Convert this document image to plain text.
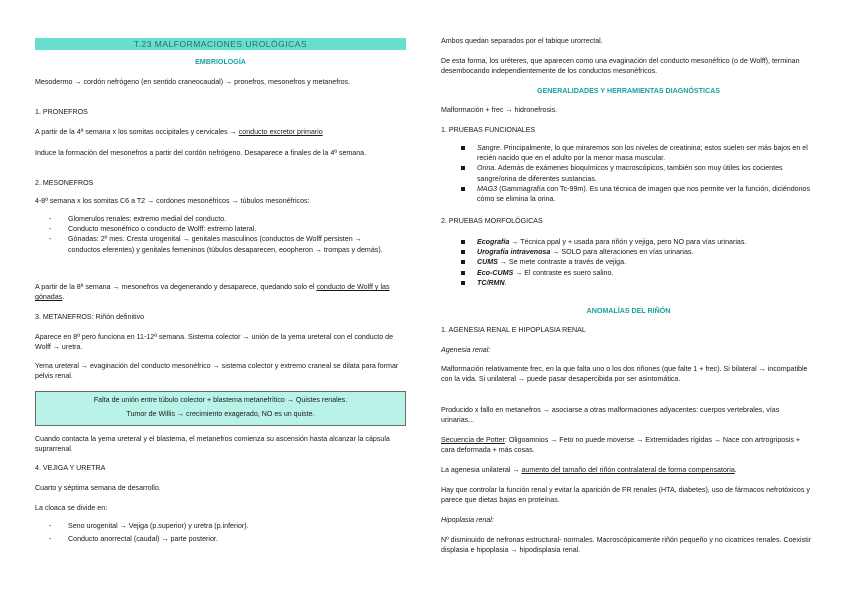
T.23 MALFORMACIONES UROLÓGICAS
EMBRIOLOGÍA
Mesodermo → cordón nefrógeno (en sentido craneocaudal) → pronefros, mesonefros y metanefros.
1. PRONEFROS
A partir de la 4ª semana x los somitas occipitales y cervicales → conducto excretor primario
Induce la formación del mesonefros a partir del cordón nefrógeno. Desaparece a finales de la 4ª semana.
2. MESONEFROS
4-8ª semana x los somitas C6 a T2 → cordones mesonéfricos → túbulos mesonéfricos:
- Glomerulos renales: extremo medial del conducto.
- Conducto mesonéfrico o conducto de Wolff: extremo lateral.
- Gónadas: 2º mes. Cresta urogenital → genitales masculinos (conductos de Wolff persisten → conductos eferentes) y genitales femeninos (túbulos desaparecen, eoopheron → trompas y demás).
A partir de la 8ª semana → mesonefros va degenerando y desaparece, quedando solo el conducto de Wolff y las gónadas.
3. METANEFROS: Riñón definitivo
Aparece en 8ª pero funciona en 11-12ª semana. Sistema colector → unión de la yema ureteral con el conducto de Wolff → uretra.
Yema ureteral → evaginación del conducto mesonéfrico → sistema colector y extremo craneal se dilata para formar pelvis renal.
Falta de unión entre túbulo colector + blastema metanefrítico → Quistes renales.
Tumor de Willis → crecimiento exagerado, NO es un quiste.
Cuando contacta la yema ureteral y el blastema, el metanefros comienza su ascensión hasta alcanzar la cápsula suprarrenal.
4. VEJIGA Y URETRA
Cuarto y séptima semana de desarrollo.
La cloaca se divide en:
- Seno urogenital → Vejiga (p.superior) y uretra (p.inferior).
- Conducto anorrectal (caudal) → parte posterior.
Ambos quedan separados por el tabique urorrectal.
De esta forma, los uréteres, que aparecen como una evaginación del conducto mesonéfrico (o de Wolff), terminan desembocando independientemente de los conductos mesonéfricos.
GENERALIDADES Y HERRAMIENTAS DIAGNÓSTICAS
Malformación + frec → hidronefrosis.
1. PRUEBAS FUNCIONALES
Sangre. Principalmente, lo que miraremos son los niveles de creatinina; estos suelen ser más bajos en el recién nacido que en el adulto por la menor masa muscular.
Orina. Además de exámenes bioquímicos y macroscópicos, también son muy útiles los cocientes sangre/orina de diferentes sustancias.
MAG3 (Gammagrafía con Tc-99m). Es una técnica de imagen que nos permite ver la función, diciéndonos cómo se elimina la orina.
2. PRUEBAS MORFOLÓGICAS
Ecografía → Técnica ppal y + usada para riñón y vejiga, pero NO para vías urinarias.
Urografía intravenosa → SOLO para alteraciones en vías urinarias.
CUMS → Se mete contraste a través de vejiga.
Eco-CUMS → El contraste es suero salino.
TC/RMN.
ANOMALÍAS DEL RIÑÓN
1. AGENESIA RENAL E HIPOPLASIA RENAL
Agenesia renal:
Malformación relativamente frec, en la que falta uno o los dos riñones (que falte 1 + frec). Si bilateral → incompatible con la vida. Si unilateral → puede pasar desapercibida por ser asintomática.
Producido x fallo en metanefros → asociarse a otras malformaciones adyacentes: cuerpos vertebrales, vías urinarias...
Secuencia de Potter: Oligoamnios → Feto no puede moverse → Extremidades rígidas → Nace con artrogriposis + cara deformada + más cosas.
La agenesia unilateral → aumento del tamaño del riñón contralateral de forma compensatoria.
Hay que controlar la función renal y evitar la aparición de FR renales (HTA, diabetes), uso de fármacos nefrotóxicos y parece que dietas bajas en proteínas.
Hipoplasia renal:
Nº disminuido de nefronas estructural- normales. Macroscópicamente riñón pequeño y no cicatrices renales. Coexistir displasia e hipoplasia → hipodisplasia renal.
